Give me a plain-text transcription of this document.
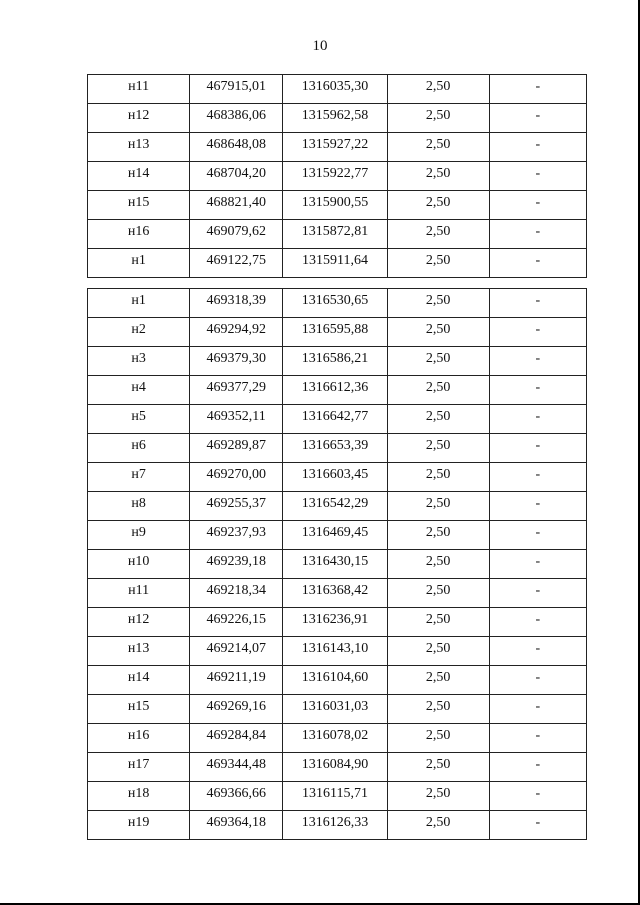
10
н11	467915,01	1316035,30	2,50	-
н12	468386,06	1315962,58	2,50	-
н13	468648,08	1315927,22	2,50	-
н14	468704,20	1315922,77	2,50	-
н15	468821,40	1315900,55	2,50	-
н16	469079,62	1315872,81	2,50	-
н1	469122,75	1315911,64	2,50	-

н1	469318,39	1316530,65	2,50	-
н2	469294,92	1316595,88	2,50	-
н3	469379,30	1316586,21	2,50	-
н4	469377,29	1316612,36	2,50	-
н5	469352,11	1316642,77	2,50	-
н6	469289,87	1316653,39	2,50	-
н7	469270,00	1316603,45	2,50	-
н8	469255,37	1316542,29	2,50	-
н9	469237,93	1316469,45	2,50	-
н10	469239,18	1316430,15	2,50	-
н11	469218,34	1316368,42	2,50	-
н12	469226,15	1316236,91	2,50	-
н13	469214,07	1316143,10	2,50	-
н14	469211,19	1316104,60	2,50	-
н15	469269,16	1316031,03	2,50	-
н16	469284,84	1316078,02	2,50	-
н17	469344,48	1316084,90	2,50	-
н18	469366,66	1316115,71	2,50	-
н19	469364,18	1316126,33	2,50	-
